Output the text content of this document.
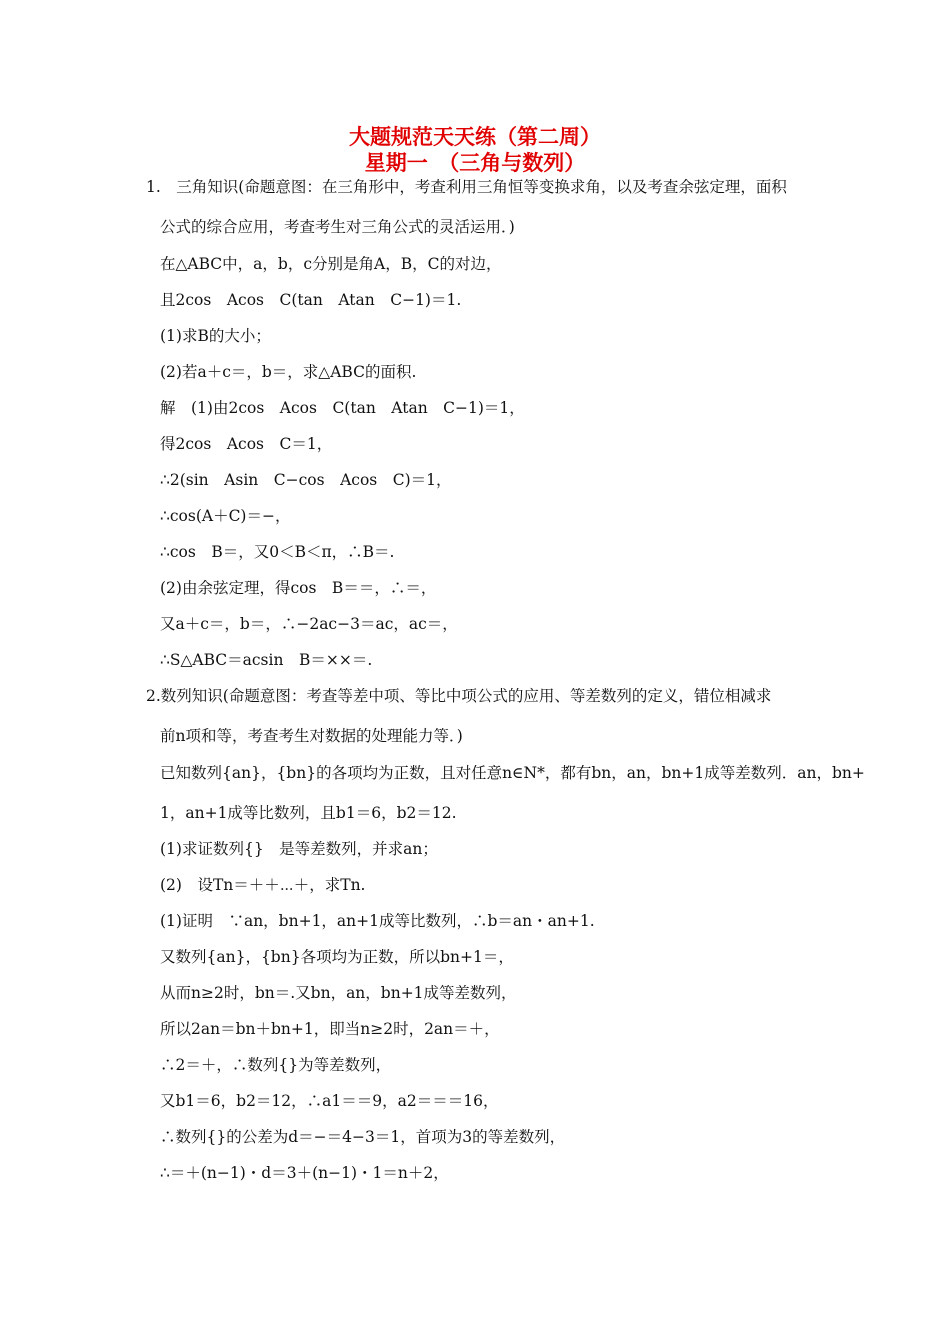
大题规范天天练（第二周）
星期一　（三角与数列）
1.　三角知识(命题意图：在三角形中，考查利用三角恒等变换求角，以及考查余弦定理，面积
公式的综合应用，考查考生对三角公式的灵活运用．)
在△ABC中，a，b，c分别是角A，B，C的对边，
且2cos　Acos　C(tan　Atan　C−1)＝1.
(1)求B的大小；
(2)若a＋c＝，b＝，求△ABC的面积.
解　(1)由2cos　Acos　C(tan　Atan　C−1)＝1，
得2cos　Acos　C＝1，
∴2(sin　Asin　C−cos　Acos　C)＝1，
∴cos(A＋C)＝−，
∴cos　B＝，又0＜B＜π，∴B＝.
(2)由余弦定理，得cos　B＝＝，∴＝，
又a＋c＝，b＝，∴−2ac−3＝ac，ac＝，
∴S△ABC＝acsin　B＝××＝.
2.数列知识(命题意图：考查等差中项、等比中项公式的应用、等差数列的定义，错位相减求
前n项和等，考查考生对数据的处理能力等．)
已知数列{an}，{bn}的各项均为正数，且对任意n∈N*，都有bn，an，bn+1成等差数列．an，bn+
1，an+1成等比数列，且b1＝6，b2＝12.
(1)求证数列{}　是等差数列，并求an；
(2)　设Tn＝＋＋⋯＋，求Tn.
(1)证明　∵an，bn+1，an+1成等比数列，∴b＝an・an+1.
又数列{an}，{bn}各项均为正数，所以bn+1＝，
从而n≥2时，bn＝.又bn，an，bn+1成等差数列，
所以2an＝bn＋bn+1，即当n≥2时，2an＝＋，
∴2＝＋，∴数列{}为等差数列，
又b1＝6，b2＝12，∴a1＝＝9，a2＝＝＝16，
∴数列{}的公差为d＝−＝4−3＝1，首项为3的等差数列，
∴＝＋(n−1)・d＝3＋(n−1)・1＝n＋2，
